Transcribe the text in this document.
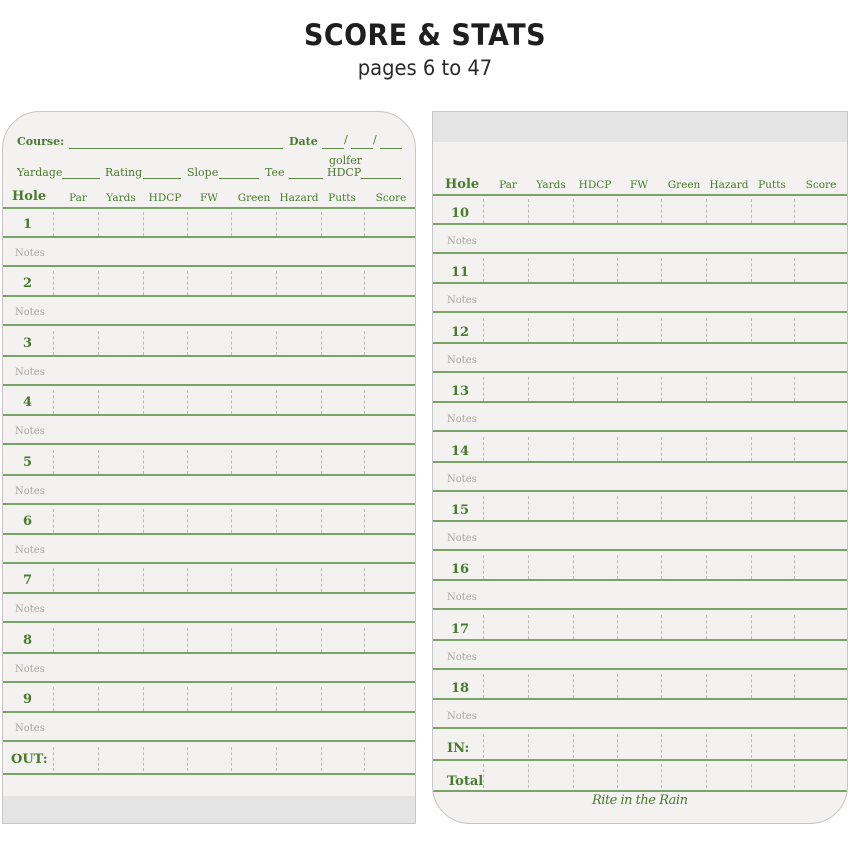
SCORE & STATS
pages 6 to 47
Course:	Date / /
Yardage	Rating	Slope	Tee
golfer
HDCP
Hole Par Yards HDCP FW Green Hazard Putts Score
1
Notes
2
Notes
3
Notes
4
Notes
5
Notes
6
Notes
7
Notes
8
Notes
9
Notes
OUT:
Hole Par Yards HDCP FW Green Hazard Putts Score
10
Notes
11
Notes
12
Notes
13
Notes
14
Notes
15
Notes
16
Notes
17
Notes
18
Notes
IN:
Total
Rite in the Rain
